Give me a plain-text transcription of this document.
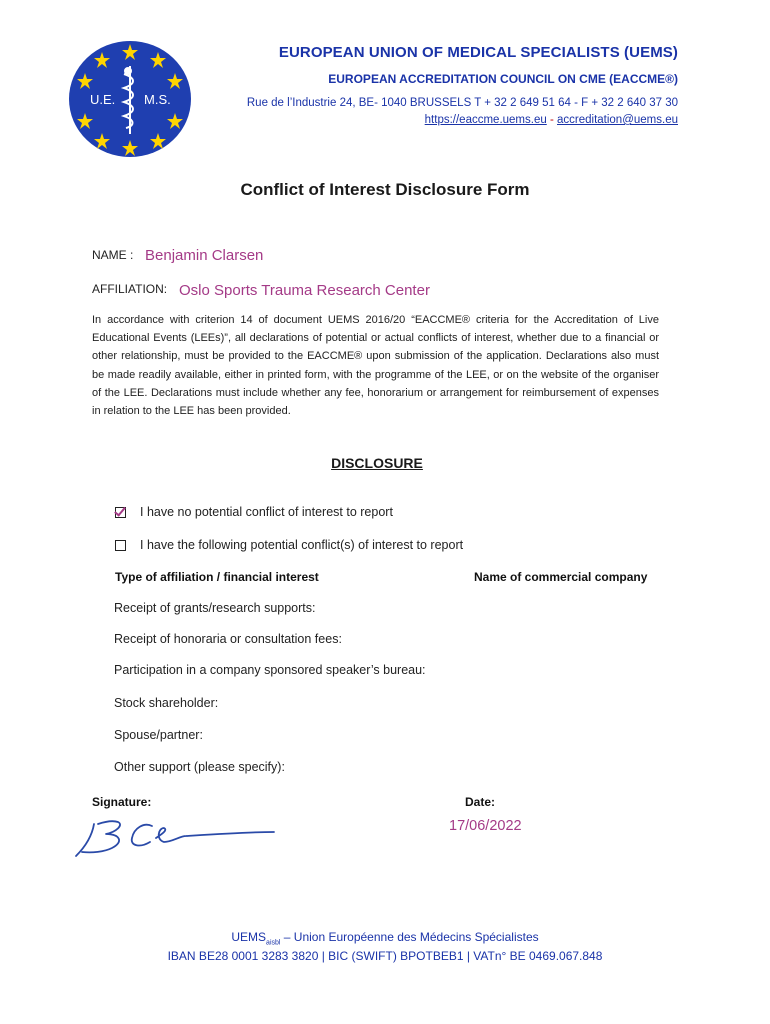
U.E. M.S.
EUROPEAN UNION OF MEDICAL SPECIALISTS (UEMS)
EUROPEAN ACCREDITATION COUNCIL ON CME (EACCME®)
Rue de l’Industrie 24, BE- 1040 BRUSSELS T + 32 2 649 51 64 - F + 32 2 640 37 30
https://eaccme.uems.eu - accreditation@uems.eu
Conflict of Interest Disclosure Form
NAME : Benjamin Clarsen
AFFILIATION: Oslo Sports Trauma Research Center
In accordance with criterion 14 of document UEMS 2016/20 “EACCME® criteria for the Accreditation of Live Educational Events (LEEs)”, all declarations of potential or actual conflicts of interest, whether due to a financial or other relationship, must be provided to the EACCME® upon submission of the application. Declarations also must be made readily available, either in printed form, with the programme of the LEE, or on the website of the organiser of the LEE. Declarations must include whether any fee, honorarium or arrangement for reimbursement of expenses in relation to the LEE has been provided.
DISCLOSURE
I have no potential conflict of interest to report
I have the following potential conflict(s) of interest to report
Type of affiliation / financial interest	Name of commercial company
Receipt of grants/research supports:
Receipt of honoraria or consultation fees:
Participation in a company sponsored speaker’s bureau:
Stock shareholder:
Spouse/partner:
Other support (please specify):
Signature:	Date:
17/06/2022
$UEMS_{aisbl}$ – Union Européenne des Médecins Spécialistes
IBAN BE28 0001 3283 3820 | BIC (SWIFT) BPOTBEB1 | VATn° BE 0469.067.848
